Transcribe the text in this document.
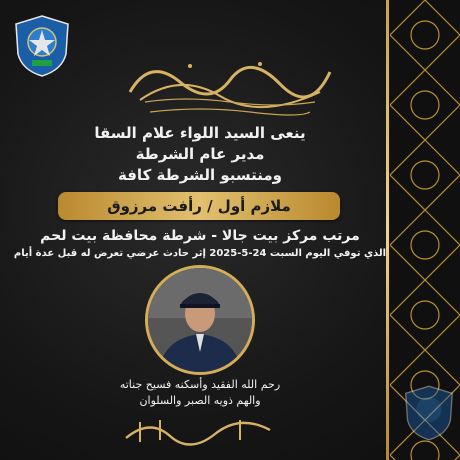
ينعى السيد اللواء علام السقا
مدير عام الشرطة
ومنتسبو الشرطة كافة
ملازم أول / رأفت مرزوق
مرتب مركز بيت جالا - شرطة محافظة بيت لحم
الذي توفي اليوم السبت 24-5-2025 إثر حادث عرضي تعرض له قبل عدة أيام
رحم الله الفقيد وأسكنه فسيح جناته
والهم ذويه الصبر والسلوان
